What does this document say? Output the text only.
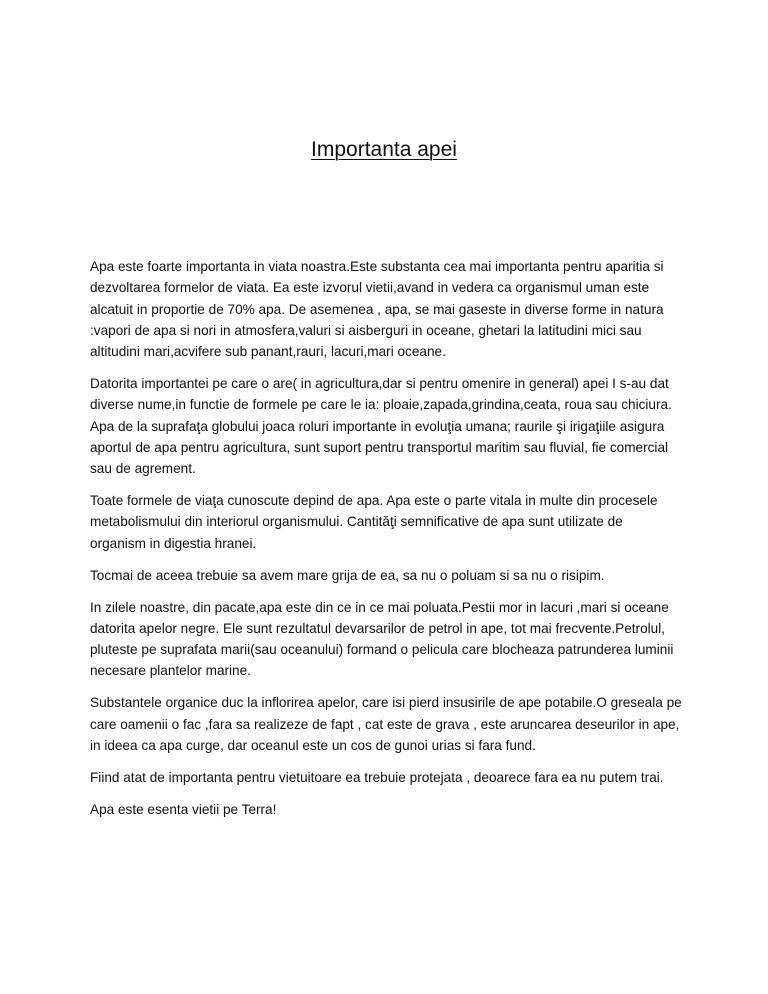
Importanta apei

Apa este foarte importanta in viata noastra.Este substanta cea mai importanta pentru aparitia si dezvoltarea formelor de viata. Ea este izvorul vietii,avand in vedera ca organismul uman este alcatuit in proportie de 70% apa. De asemenea , apa, se mai gaseste in diverse forme in natura :vapori de apa si nori in atmosfera,valuri si aisberguri in oceane, ghetari la latitudini mici sau altitudini mari,acvifere sub panant,rauri, lacuri,mari oceane.

Datorita importantei pe care o are( in agricultura,dar si pentru omenire in general) apei I s-au dat diverse nume,in functie de formele pe care le ia: ploaie,zapada,grindina,ceata, roua sau chiciura. Apa de la suprafaţa globului joaca roluri importante in evoluţia umana; raurile şi irigaţiile asigura aportul de apa pentru agricultura, sunt suport pentru transportul maritim sau fluvial, fie comercial sau de agrement.

Toate formele de viaţa cunoscute depind de apa. Apa este o parte vitala in multe din procesele metabolismului din interiorul organismului. Cantităţi semnificative de apa sunt utilizate de organism in digestia hranei.

Tocmai de aceea trebuie sa avem mare grija de ea, sa nu o poluam si sa nu o risipim.

In zilele noastre, din pacate,apa este din ce in ce mai poluata.Pestii mor in lacuri ,mari si oceane datorita apelor negre. Ele sunt rezultatul devarsarilor de petrol in ape, tot mai frecvente.Petrolul, pluteste pe suprafata marii(sau oceanului) formand o pelicula care blocheaza patrunderea luminii necesare plantelor marine.

Substantele organice duc la inflorirea apelor, care isi pierd insusirile de ape potabile.O greseala pe care oamenii o fac ,fara sa realizeze de fapt , cat este de grava , este aruncarea deseurilor in ape, in ideea ca apa curge, dar oceanul este un cos de gunoi urias si fara fund.

Fiind atat de importanta pentru vietuitoare ea trebuie protejata , deoarece fara ea nu putem trai.

Apa este esenta vietii pe Terra!
